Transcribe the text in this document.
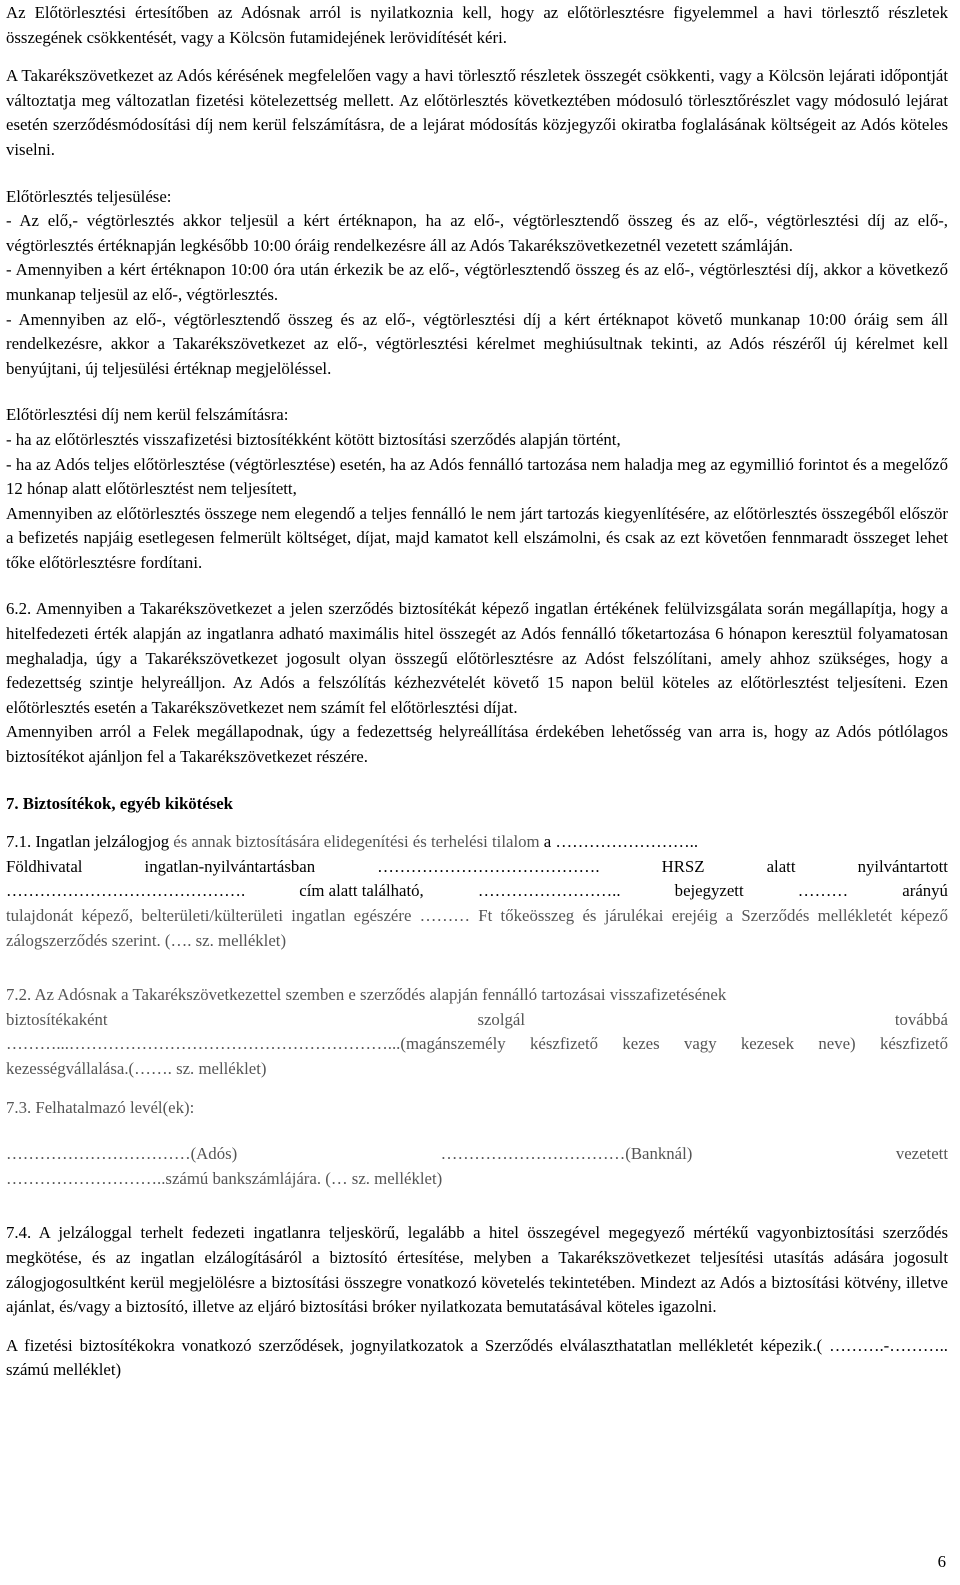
Az Előtörlesztési értesítőben az Adósnak arról is nyilatkoznia kell, hogy az előtörlesztésre figyelemmel a havi törlesztő részletek összegének csökkentését, vagy a Kölcsön futamidejének lerövidítését kéri.

A Takarékszövetkezet az Adós kérésének megfelelően vagy a havi törlesztő részletek összegét csökkenti, vagy a Kölcsön lejárati időpontját változtatja meg változatlan fizetési kötelezettség mellett. Az előtörlesztés következtében módosuló törlesztőrészlet vagy módosuló lejárat esetén szerződésmódosítási díj nem kerül felszámításra, de a lejárat módosítás közjegyzői okiratba foglalásának költségeit az Adós köteles viselni.

Előtörlesztés teljesülése:

- Az elő,- végtörlesztés akkor teljesül a kért értéknapon, ha az elő-, végtörlesztendő összeg és az elő-, végtörlesztési díj az elő-, végtörlesztés értéknapján legkésőbb 10:00 óráig rendelkezésre áll az Adós Takarékszövetkezetnél vezetett számláján.

- Amennyiben a kért értéknapon 10:00 óra után érkezik be az elő-, végtörlesztendő összeg és az elő-, végtörlesztési díj, akkor a következő munkanap teljesül az elő-, végtörlesztés.

- Amennyiben az elő-, végtörlesztendő összeg és az elő-, végtörlesztési díj a kért értéknapot követő munkanap 10:00 óráig sem áll rendelkezésre, akkor a Takarékszövetkezet az elő-, végtörlesztési kérelmet meghiúsultnak tekinti, az Adós részéről új kérelmet kell benyújtani, új teljesülési értéknap megjelöléssel.

Előtörlesztési díj nem kerül felszámításra:

- ha az előtörlesztés visszafizetési biztosítékként kötött biztosítási szerződés alapján történt,

- ha az Adós teljes előtörlesztése (végtörlesztése) esetén, ha az Adós fennálló tartozása nem haladja meg az egymillió forintot és a megelőző 12 hónap alatt előtörlesztést nem teljesített,

Amennyiben az előtörlesztés összege nem elegendő a teljes fennálló le nem járt tartozás kiegyenlítésére, az előtörlesztés összegéből először a befizetés napjáig esetlegesen felmerült költséget, díjat, majd kamatot kell elszámolni, és csak az ezt követően fennmaradt összeget lehet tőke előtörlesztésre fordítani.

6.2. Amennyiben a Takarékszövetkezet a jelen szerződés biztosítékát képező ingatlan értékének felülvizsgálata során megállapítja, hogy a hitelfedezeti érték alapján az ingatlanra adható maximális hitel összegét az Adós fennálló tőketartozása 6 hónapon keresztül folyamatosan meghaladja, úgy a Takarékszövetkezet jogosult olyan összegű előtörlesztésre az Adóst felszólítani, amely ahhoz szükséges, hogy a fedezettség szintje helyreálljon. Az Adós a felszólítás kézhezvételét követő 15 napon belül köteles az előtörlesztést teljesíteni. Ezen előtörlesztés esetén a Takarékszövetkezet nem számít fel előtörlesztési díjat.

Amennyiben arról a Felek megállapodnak, úgy a fedezettség helyreállítása érdekében lehetősség van arra is, hogy az Adós pótlólagos biztosítékot ajánljon fel a Takarékszövetkezet részére.

7. Biztosítékok, egyéb kikötések

7.1. Ingatlan jelzálogjog és annak biztosítására elidegenítési és terhelési tilalom a ……………………..

Földhivatal	ingatlan-nyilvántartásban	………………………………….	HRSZ	alatt	nyilvántartott
…………………………………….	cím alatt található,	……………………..	bejegyzett	………	arányú

tulajdonát képező, belterületi/külterületi ingatlan egészére ……… Ft tőkeösszeg és járulékai erejéig a Szerződés mellékletét képező zálogszerződés szerint. (…. sz. melléklet)

7.2. Az Adósnak a Takarékszövetkezettel szemben e szerződés alapján fennálló tartozásai visszafizetésének

biztosítékaként	szolgál	továbbá

………...…………………………………………………...(magánszemély készfizető kezes vagy kezesek neve) készfizető kezességvállalása.(……. sz. melléklet)

7.3. Felhatalmazó levél(ek):

……………………………(Adós)	……………………………(Banknál)	vezetett

………………………..számú bankszámlájára. (… sz. melléklet)

7.4. A jelzáloggal terhelt fedezeti ingatlanra teljeskörű, legalább a hitel összegével megegyező mértékű vagyonbiztosítási szerződés megkötése, és az ingatlan elzálogításáról a biztosító értesítése, melyben a Takarékszövetkezet teljesítési utasítás adására jogosult zálogjogosultként kerül megjelölésre a biztosítási összegre vonatkozó követelés tekintetében. Mindezt az Adós a biztosítási kötvény, illetve ajánlat, és/vagy a biztosító, illetve az eljáró biztosítási bróker nyilatkozata bemutatásával köteles igazolni.

A fizetési biztosítékokra vonatkozó szerződések, jognyilatkozatok a Szerződés elválaszthatatlan mellékletét képezik.( ……….-……….. számú melléklet)

6
